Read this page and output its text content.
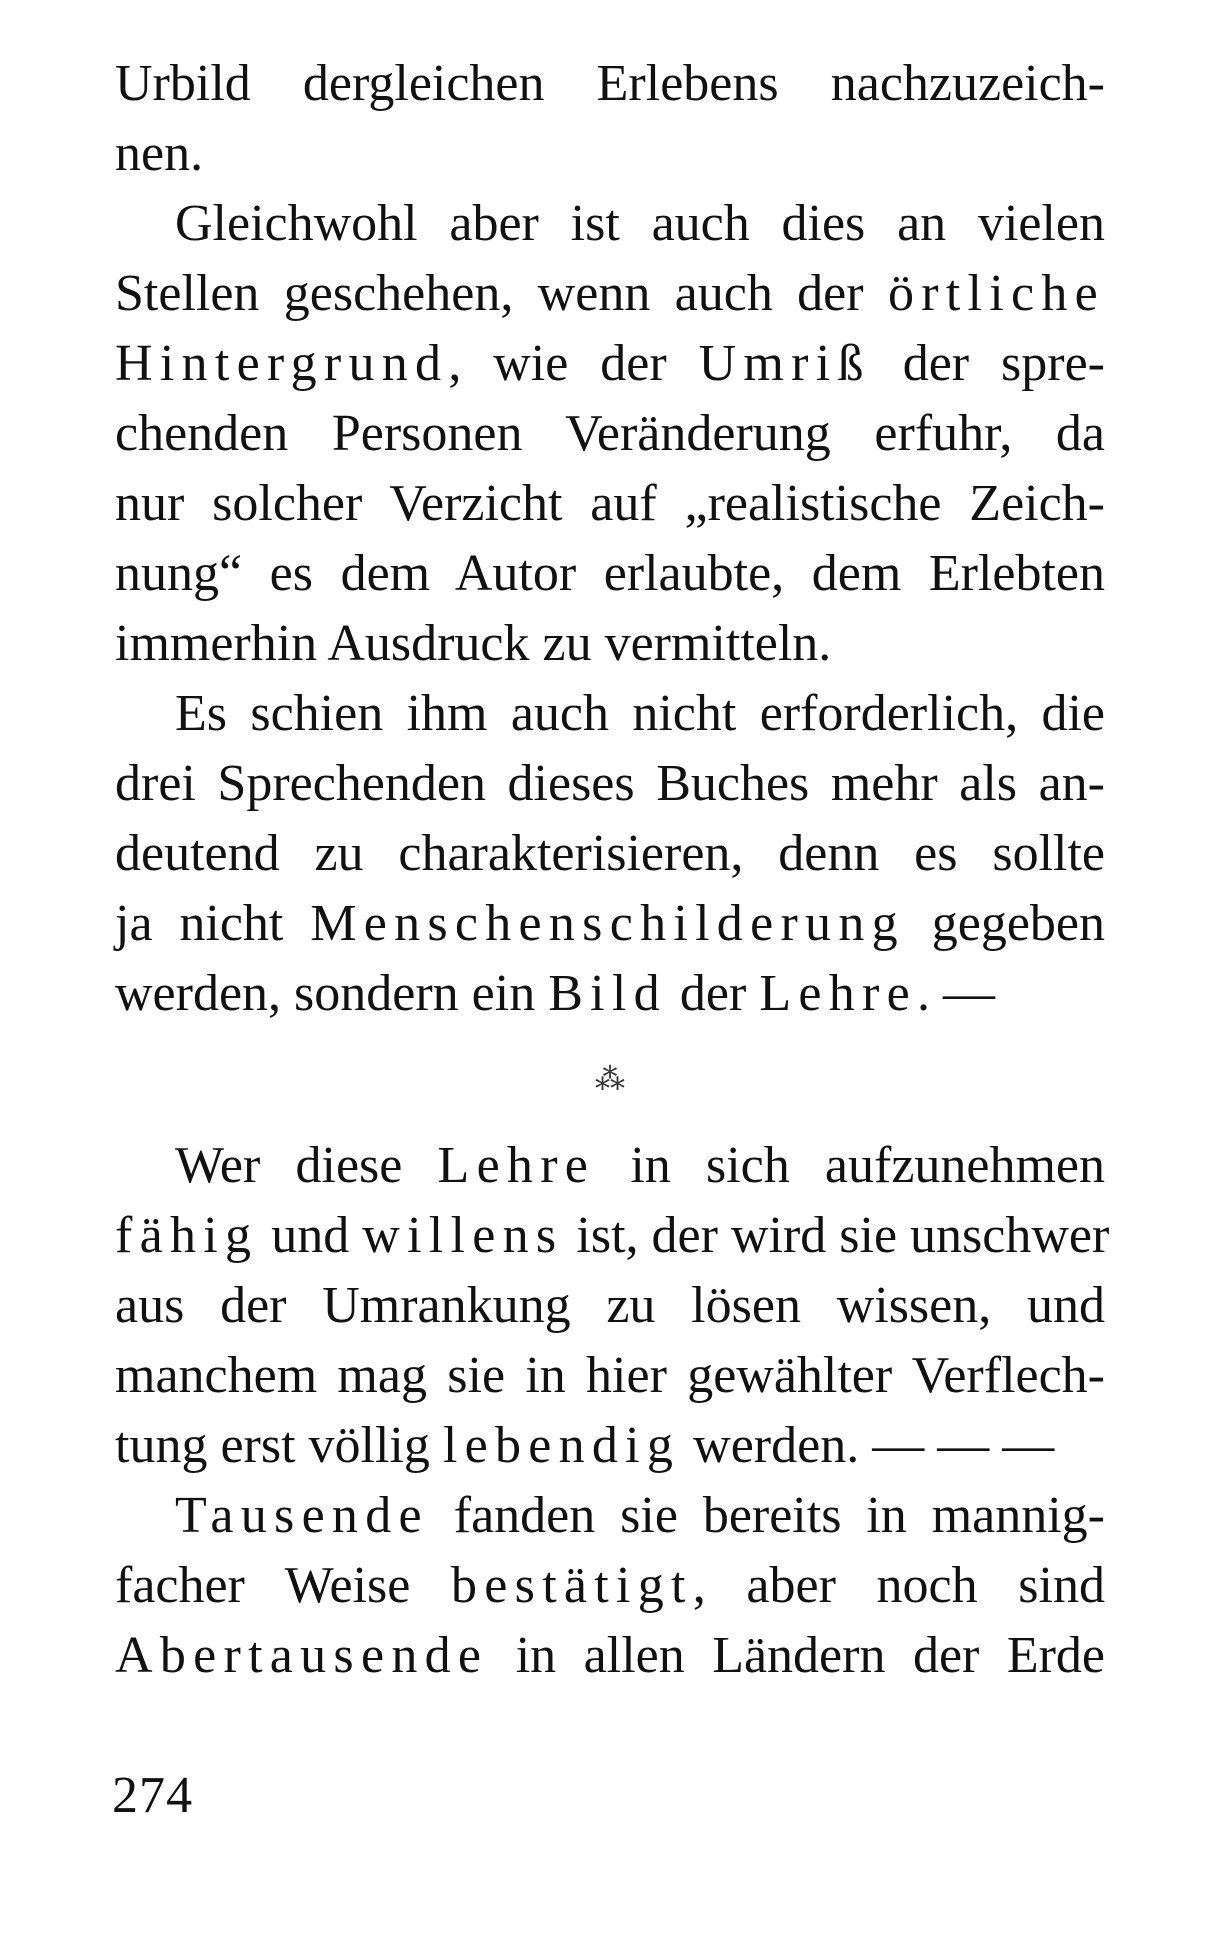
Urbild dergleichen Erlebens nachzuzeich-
nen.
Gleichwohl aber ist auch dies an vielen
Stellen geschehen, wenn auch der örtliche
Hintergrund, wie der Umriß der spre-
chenden Personen Veränderung erfuhr, da
nur solcher Verzicht auf „realistische Zeich-
nung“ es dem Autor erlaubte, dem Erlebten
immerhin Ausdruck zu vermitteln.
Es schien ihm auch nicht erforderlich, die
drei Sprechenden dieses Buches mehr als an-
deutend zu charakterisieren, denn es sollte
ja nicht Menschenschilderung gegeben
werden, sondern ein Bild der Lehre. —
⁂
Wer diese Lehre in sich aufzunehmen
fähig und willens ist, der wird sie unschwer
aus der Umrankung zu lösen wissen, und
manchem mag sie in hier gewählter Verflech-
tung erst völlig lebendig werden. — — —
Tausende fanden sie bereits in mannig-
facher Weise bestätigt, aber noch sind
Abertausende in allen Ländern der Erde
274
